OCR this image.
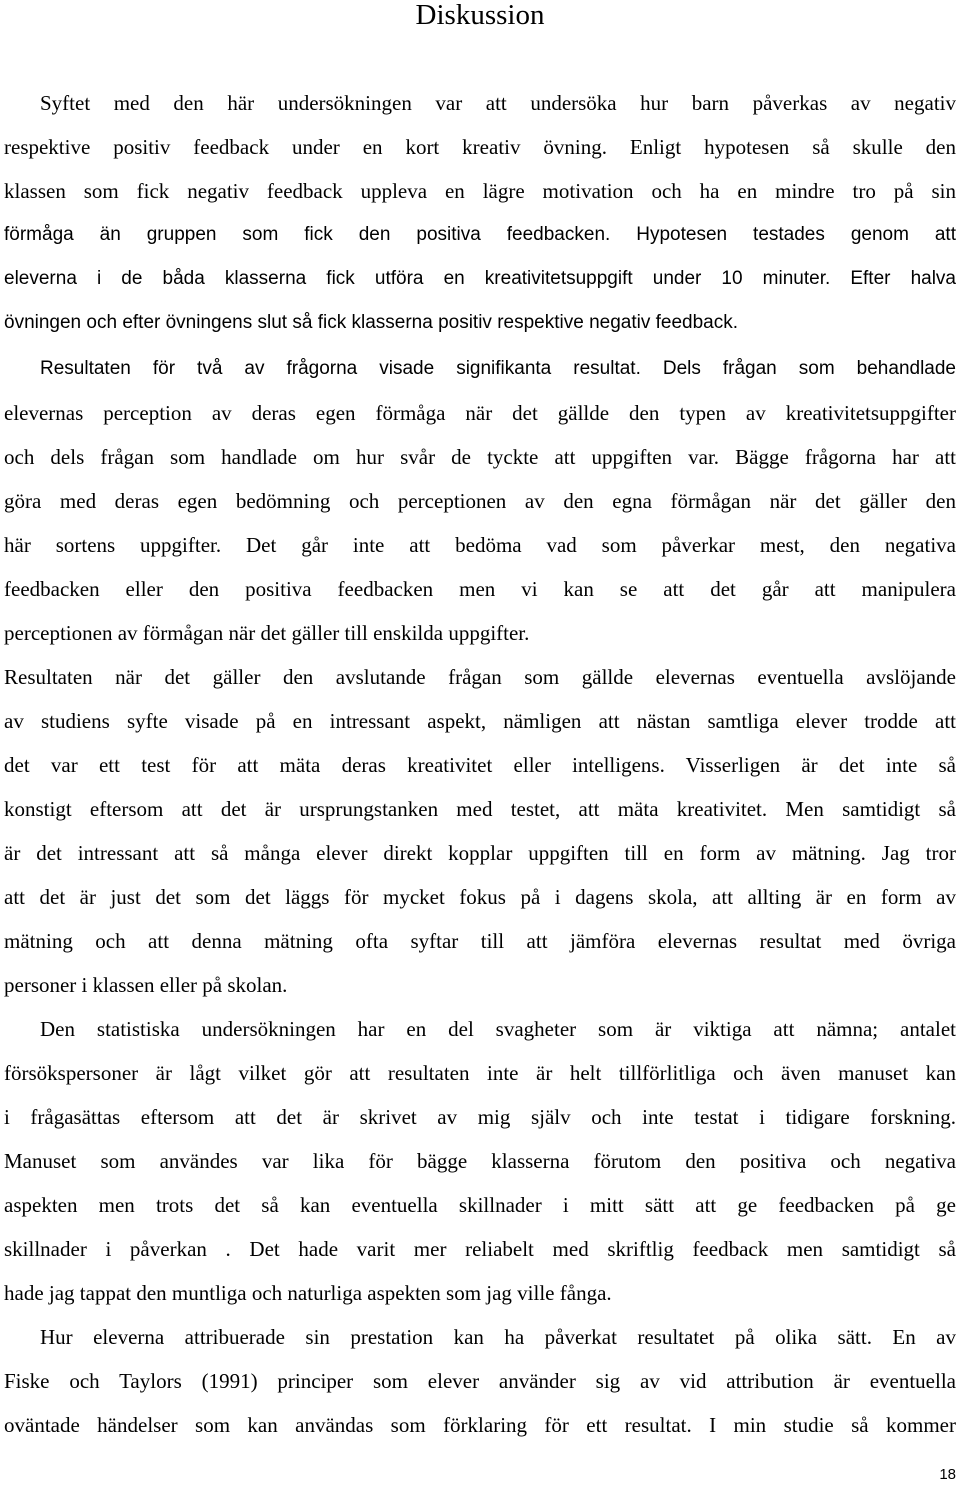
Diskussion

Syftet med den här undersökningen var att undersöka hur barn påverkas av negativ
respektive positiv feedback under en kort kreativ övning. Enligt hypotesen så skulle den
klassen som fick negativ feedback uppleva en lägre motivation och ha en mindre tro på sin
förmåga än gruppen som fick den positiva feedbacken. Hypotesen testades genom att
eleverna i de båda klasserna fick utföra en kreativitetsuppgift under 10 minuter. Efter halva
övningen och efter övningens slut så fick klasserna positiv respektive negativ feedback.

Resultaten för två av frågorna visade signifikanta resultat. Dels frågan som behandlade
elevernas perception av deras egen förmåga när det gällde den typen av kreativitetsuppgifter
och dels frågan som handlade om hur svår de tyckte att uppgiften var. Bägge frågorna har att
göra med deras egen bedömning och perceptionen av den egna förmågan när det gäller den
här sortens uppgifter. Det går inte att bedöma vad som påverkar mest, den negativa
feedbacken eller den positiva feedbacken men vi kan se att det går att manipulera
perceptionen av förmågan när det gäller till enskilda uppgifter.

Resultaten när det gäller den avslutande frågan som gällde elevernas eventuella avslöjande
av studiens syfte visade på en intressant aspekt, nämligen att nästan samtliga elever trodde att
det var ett test för att mäta deras kreativitet eller intelligens. Visserligen är det inte så
konstigt eftersom att det är ursprungstanken med testet, att mäta kreativitet. Men samtidigt så
är det intressant att så många elever direkt kopplar uppgiften till en form av mätning. Jag tror
att det är just det som det läggs för mycket fokus på i dagens skola, att allting är en form av
mätning och att denna mätning ofta syftar till att jämföra elevernas resultat med övriga
personer i klassen eller på skolan.

Den statistiska undersökningen har en del svagheter som är viktiga att nämna; antalet
försökspersoner är lågt vilket gör att resultaten inte är helt tillförlitliga och även manuset kan
i frågasättas eftersom att det är skrivet av mig själv och inte testat i tidigare forskning.
Manuset som användes var lika för bägge klasserna förutom den positiva och negativa
aspekten men trots det så kan eventuella skillnader i mitt sätt att ge feedbacken på ge
skillnader i påverkan . Det hade varit mer reliabelt med skriftlig feedback men samtidigt så
hade jag tappat den muntliga och naturliga aspekten som jag ville fånga.

Hur eleverna attribuerade sin prestation kan ha påverkat resultatet på olika sätt. En av
Fiske och Taylors (1991) principer som elever använder sig av vid attribution är eventuella
oväntade händelser som kan användas som förklaring för ett resultat. I min studie så kommer

18
